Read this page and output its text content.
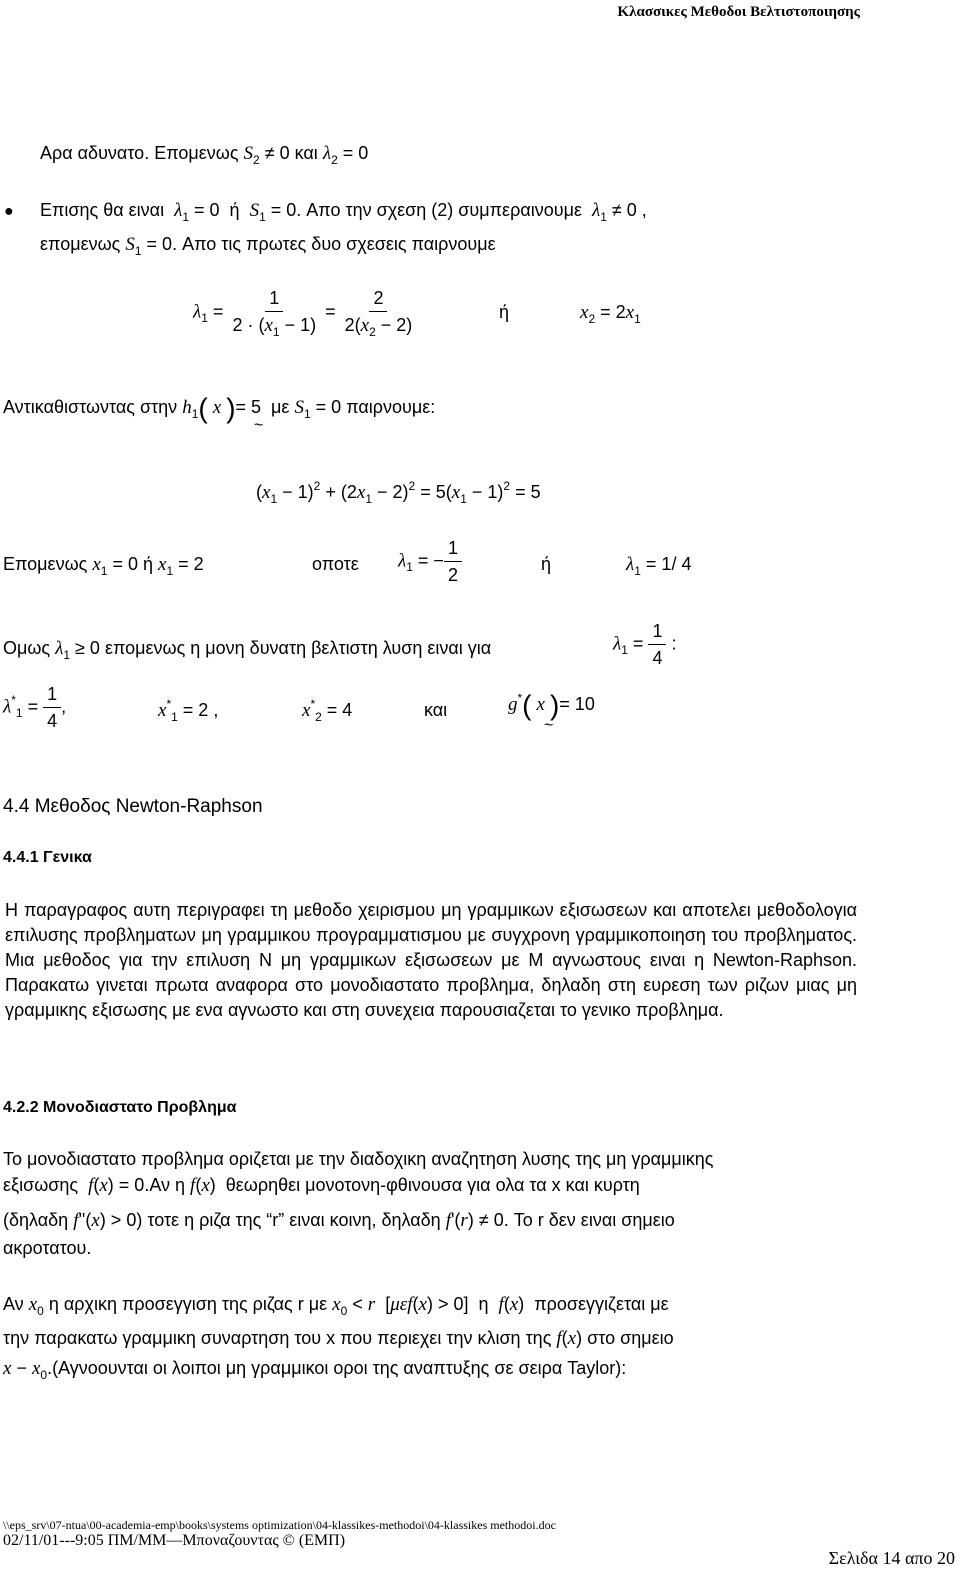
Κλασσικες Μεθοδοι Βελτιστοποιησης
Αρα αδυνατο. Επομενως $S_2 \ne 0$ και $\lambda_2 = 0$
● Επισης θα ειναι $\lambda_1 = 0$  ή $S_1 = 0$. Απο την σχεση (2) συμπεραινουμε $\lambda_1 \ne 0$ ,
επομενως $S_1 = 0$. Απο τις πρωτες δυο σχεσεις παιρνουμε
$\lambda_1 = \frac{1}{2 \cdot (x_1 - 1)} = \frac{2}{2(x_2 - 2)}$	ή	$x_2 = 2x_1$
Αντικαθιστωντας στην $h_1$( x )= 5  με $S_1 = 0$ παιρνουμε:
~
$(x_1 - 1)^2 + (2x_1 - 2)^2 = 5(x_1 - 1)^2 = 5$
Επομενως $x_1 = 0$ ή $x_1 = 2$	οποτε $\lambda_1$ = − $\frac{1}{2}$	ή	$\lambda_1 = 1/$ 4
Ομως $\lambda_1 \ge 0$ επομενως η μονη δυνατη βελτιστη λυση ειναι για	$\lambda_1 = \frac{1}{4}$ :
$\lambda^*_1 = \frac{1}{4}$ ,	$x^*_1 = 2$ ,	$x^*_2 = 4$	και	g*( x )= 10
~
4.4 Μεθοδος Newton-Raphson
4.4.1 Γενικα
Η παραγραφος αυτη περιγραφει τη μεθοδο χειρισμου μη γραμμικων εξισωσεων και αποτελει μεθοδολογια επιλυσης προβληματων μη γραμμικου προγραμματισμου με συγχρονη γραμμικοποιηση του προβληματος. Μια μεθοδος για την επιλυση N μη γραμμικων εξισωσεων με M αγνωστους ειναι η Newton-Raphson. Παρακατω γινεται πρωτα αναφορα στο μονοδιαστατο προβλημα, δηλαδη στη ευρεση των ριζων μιας μη γραμμικης εξισωσης με ενα αγνωστο και στη συνεχεια παρουσιαζεται το γενικο προβλημα.
4.2.2 Μονοδιαστατο Προβλημα
Το μονοδιαστατο προβλημα οριζεται με την διαδοχικη αναζητηση λυσης της μη γραμμικης
εξισωσης f(x) = 0.Αν η f(x)  θεωρηθει μονοτονη-φθινουσα για ολα τα x και κυρτη
(δηλαδη f''(x) > 0) τοτε η ριζα της “r” ειναι κοινη, δηλαδη f'(r) ≠ 0. Το r δεν ειναι σημειο
ακροτατου.
Αν $x_0$ η αρχικη προσεγγιση της ριζας r με $x_0 < r$  [μεf(x) > 0]  η f(x)  προσεγγιζεται με
την παρακατω γραμμικη συναρτηση του x που περιεχει την κλιση της f(x) στο σημειο
$x - x_0.(A\gamma\nu oo\upsilon\nu\tau\alpha\iota$ οι λοιποι μη γραμμικοι οροι της αναπτυξης σε σειρα Taylor):
\\eps_srv\07-ntua\00-academia-emp\books\systems optimization\04-klassikes-methodoi\04-klassikes methodoi.doc
02/11/01---9:05 ΠΜ/MM—Μπoναζουντας © (ΕΜΠ)
Σελιδα 14 απο 20
